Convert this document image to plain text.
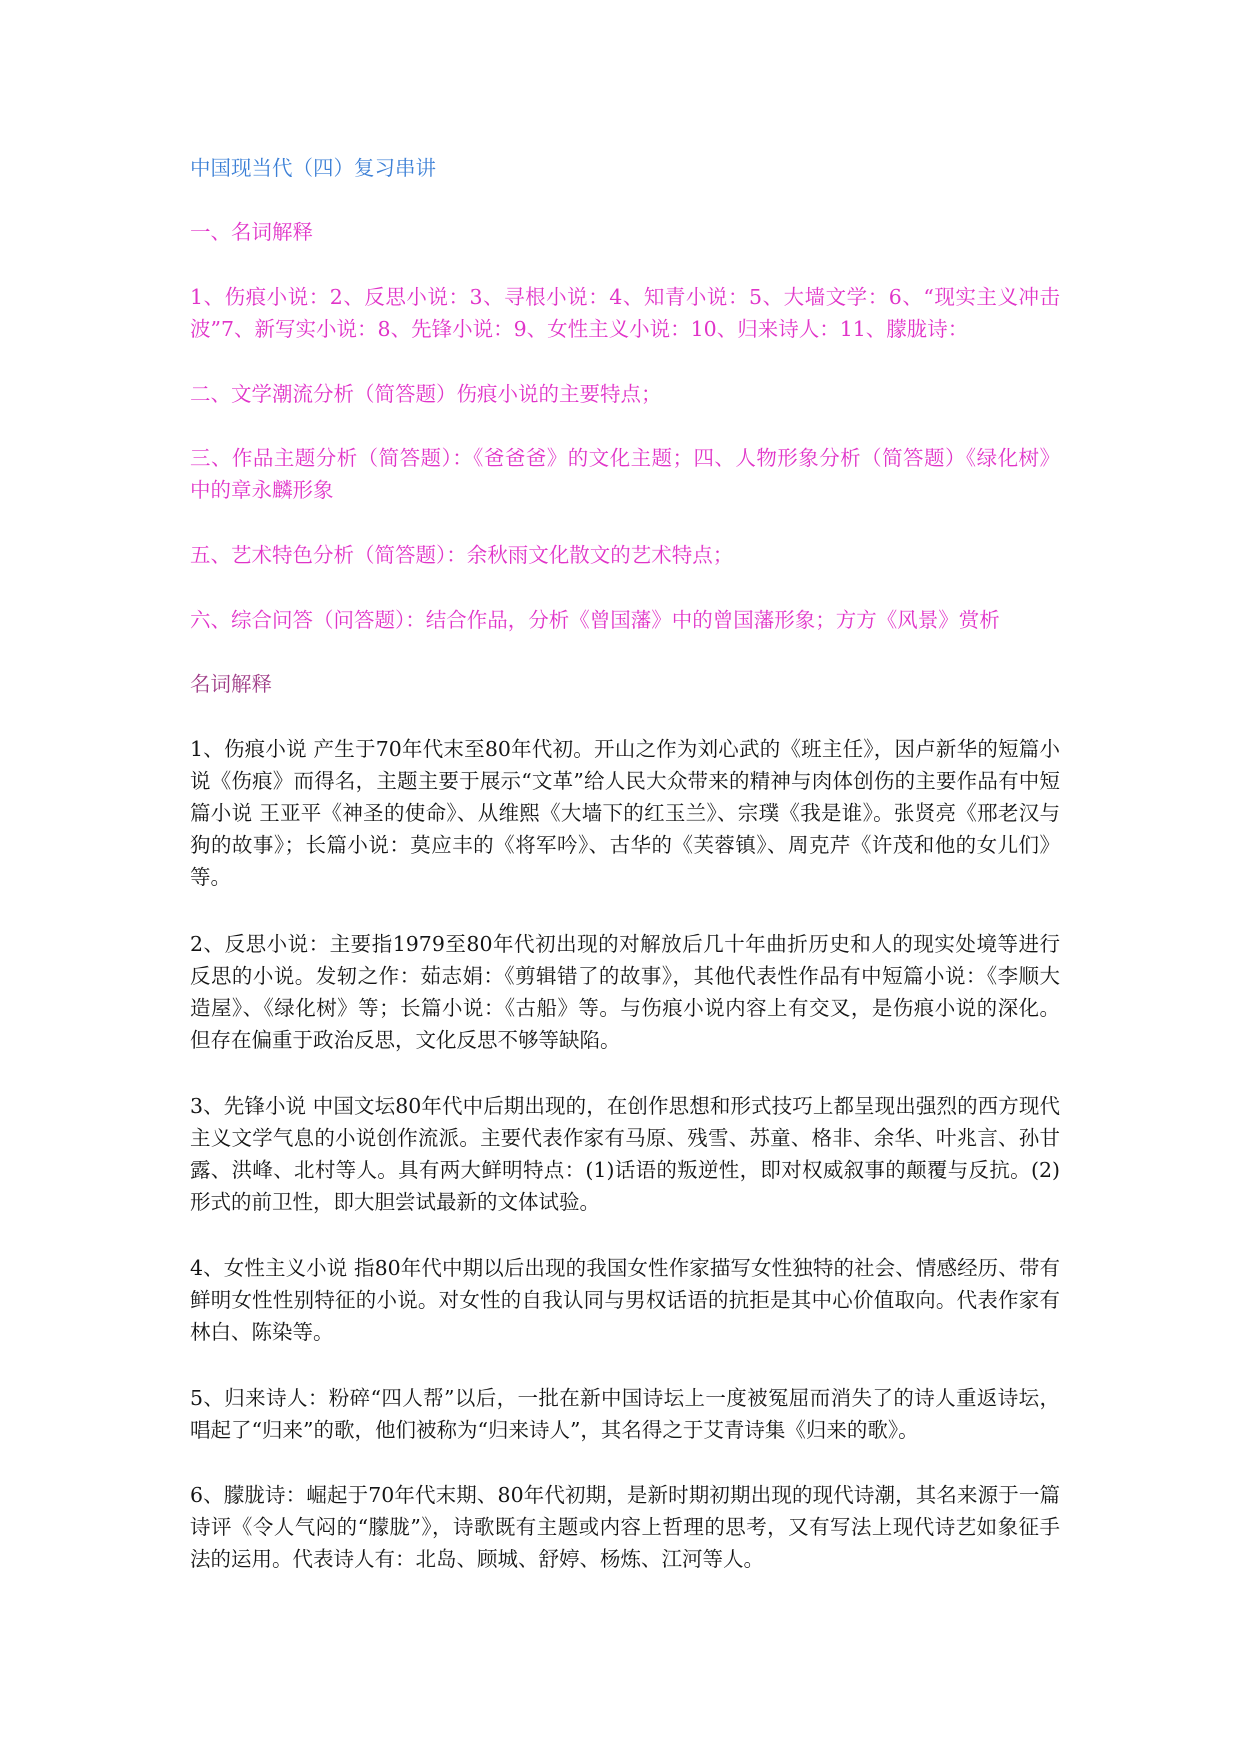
中国现当代（四）复习串讲

一、名词解释

1、伤痕小说：2、反思小说：3、寻根小说：4、知青小说：5、大墙文学：6、“现实主义冲击波”7、新写实小说：8、先锋小说：9、女性主义小说：10、归来诗人：11、朦胧诗：

二、文学潮流分析（简答题）伤痕小说的主要特点；

三、作品主题分析（简答题）：《爸爸爸》的文化主题；四、人物形象分析（简答题）《绿化树》中的章永麟形象

五、艺术特色分析（简答题）：余秋雨文化散文的艺术特点；

六、综合问答（问答题）：结合作品，分析《曾国藩》中的曾国藩形象；方方《风景》赏析

名词解释

1、伤痕小说 产生于70年代末至80年代初。开山之作为刘心武的《班主任》，因卢新华的短篇小说《伤痕》而得名，主题主要于展示“文革”给人民大众带来的精神与肉体创伤的主要作品有中短篇小说 王亚平《神圣的使命》、从维熙《大墙下的红玉兰》、宗璞《我是谁》。张贤亮《邢老汉与狗的故事》；长篇小说：莫应丰的《将军吟》、古华的《芙蓉镇》、周克芹《许茂和他的女儿们》等。

2、反思小说：主要指1979至80年代初出现的对解放后几十年曲折历史和人的现实处境等进行反思的小说。发轫之作：茹志娟：《剪辑错了的故事》，其他代表性作品有中短篇小说：《李顺大造屋》、《绿化树》等；长篇小说：《古船》等。与伤痕小说内容上有交叉，是伤痕小说的深化。但存在偏重于政治反思，文化反思不够等缺陷。

3、先锋小说 中国文坛80年代中后期出现的，在创作思想和形式技巧上都呈现出强烈的西方现代主义文学气息的小说创作流派。主要代表作家有马原、残雪、苏童、格非、余华、叶兆言、孙甘露、洪峰、北村等人。具有两大鲜明特点：(1)话语的叛逆性，即对权威叙事的颠覆与反抗。(2)形式的前卫性，即大胆尝试最新的文体试验。

4、女性主义小说 指80年代中期以后出现的我国女性作家描写女性独特的社会、情感经历、带有鲜明女性性别特征的小说。对女性的自我认同与男权话语的抗拒是其中心价值取向。代表作家有林白、陈染等。

5、归来诗人：粉碎“四人帮”以后，一批在新中国诗坛上一度被冤屈而消失了的诗人重返诗坛，唱起了“归来”的歌，他们被称为“归来诗人”，其名得之于艾青诗集《归来的歌》。

6、朦胧诗：崛起于70年代末期、80年代初期，是新时期初期出现的现代诗潮，其名来源于一篇诗评《令人气闷的“朦胧”》，诗歌既有主题或内容上哲理的思考，又有写法上现代诗艺如象征手法的运用。代表诗人有：北岛、顾城、舒婷、杨炼、江河等人。
